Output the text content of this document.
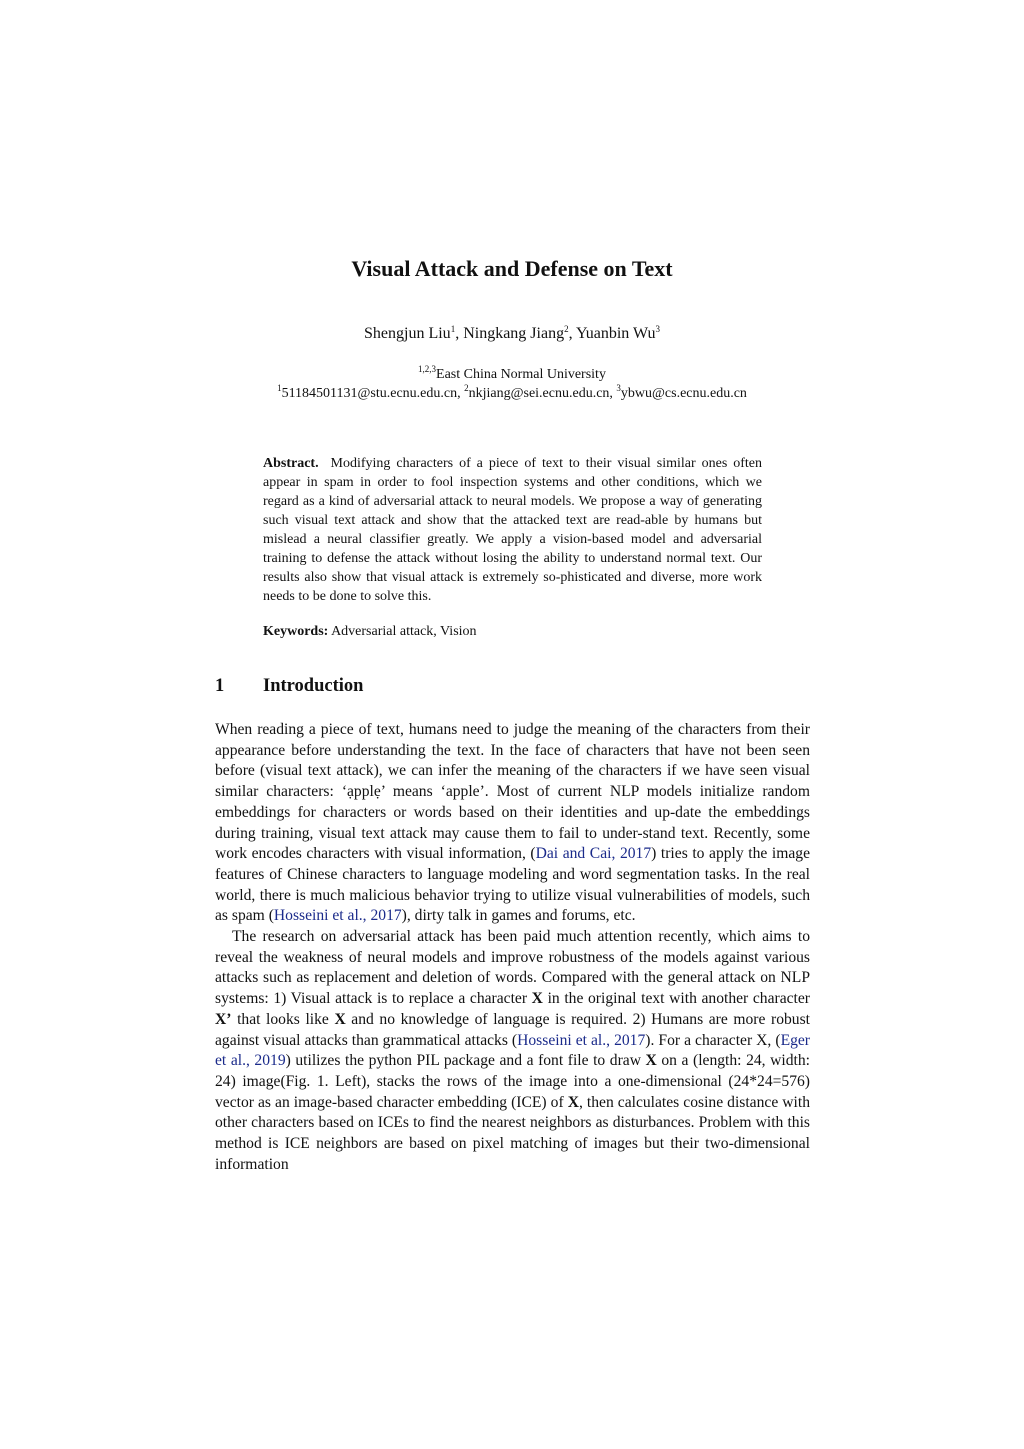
Visual Attack and Defense on Text
Shengjun Liu$^1$, Ningkang Jiang$^2$, Yuanbin Wu$^3$
$^{1,2,3}$East China Normal University
$^1$51184501131@stu.ecnu.edu.cn, $^2$nkjiang@sei.ecnu.edu.cn, $^3$ybwu@cs.ecnu.edu.cn
Abstract. Modifying characters of a piece of text to their visual similar ones often appear in spam in order to fool inspection systems and other conditions, which we regard as a kind of adversarial attack to neural models. We propose a way of generating such visual text attack and show that the attacked text are read-able by humans but mislead a neural classifier greatly. We apply a vision-based model and adversarial training to defense the attack without losing the ability to understand normal text. Our results also show that visual attack is extremely so-phisticated and diverse, more work needs to be done to solve this.
Keywords: Adversarial attack, Vision
1 Introduction

When reading a piece of text, humans need to judge the meaning of the characters from their appearance before understanding the text. In the face of characters that have not been seen before (visual text attack), we can infer the meaning of the characters if we have seen visual similar characters: ‘ạpplẹ’ means ‘apple’. Most of current NLP models initialize random embeddings for characters or words based on their identities and up-date the embeddings during training, visual text attack may cause them to fail to under-stand text. Recently, some work encodes characters with visual information, (Dai and Cai, 2017) tries to apply the image features of Chinese characters to language modeling and word segmentation tasks. In the real world, there is much malicious behavior trying to utilize visual vulnerabilities of models, such as spam (Hosseini et al., 2017), dirty talk in games and forums, etc.

The research on adversarial attack has been paid much attention recently, which aims to reveal the weakness of neural models and improve robustness of the models against various attacks such as replacement and deletion of words. Compared with the general attack on NLP systems: 1) Visual attack is to replace a character X in the original text with another character X’ that looks like X and no knowledge of language is required. 2) Humans are more robust against visual attacks than grammatical attacks (Hosseini et al., 2017). For a character X, (Eger et al., 2019) utilizes the python PIL package and a font file to draw X on a (length: 24, width: 24) image(Fig. 1. Left), stacks the rows of the image into a one-dimensional (24*24=576) vector as an image-based character embedding (ICE) of X, then calculates cosine distance with other characters based on ICEs to find the nearest neighbors as disturbances. Problem with this method is ICE neighbors are based on pixel matching of images but their two-dimensional information
